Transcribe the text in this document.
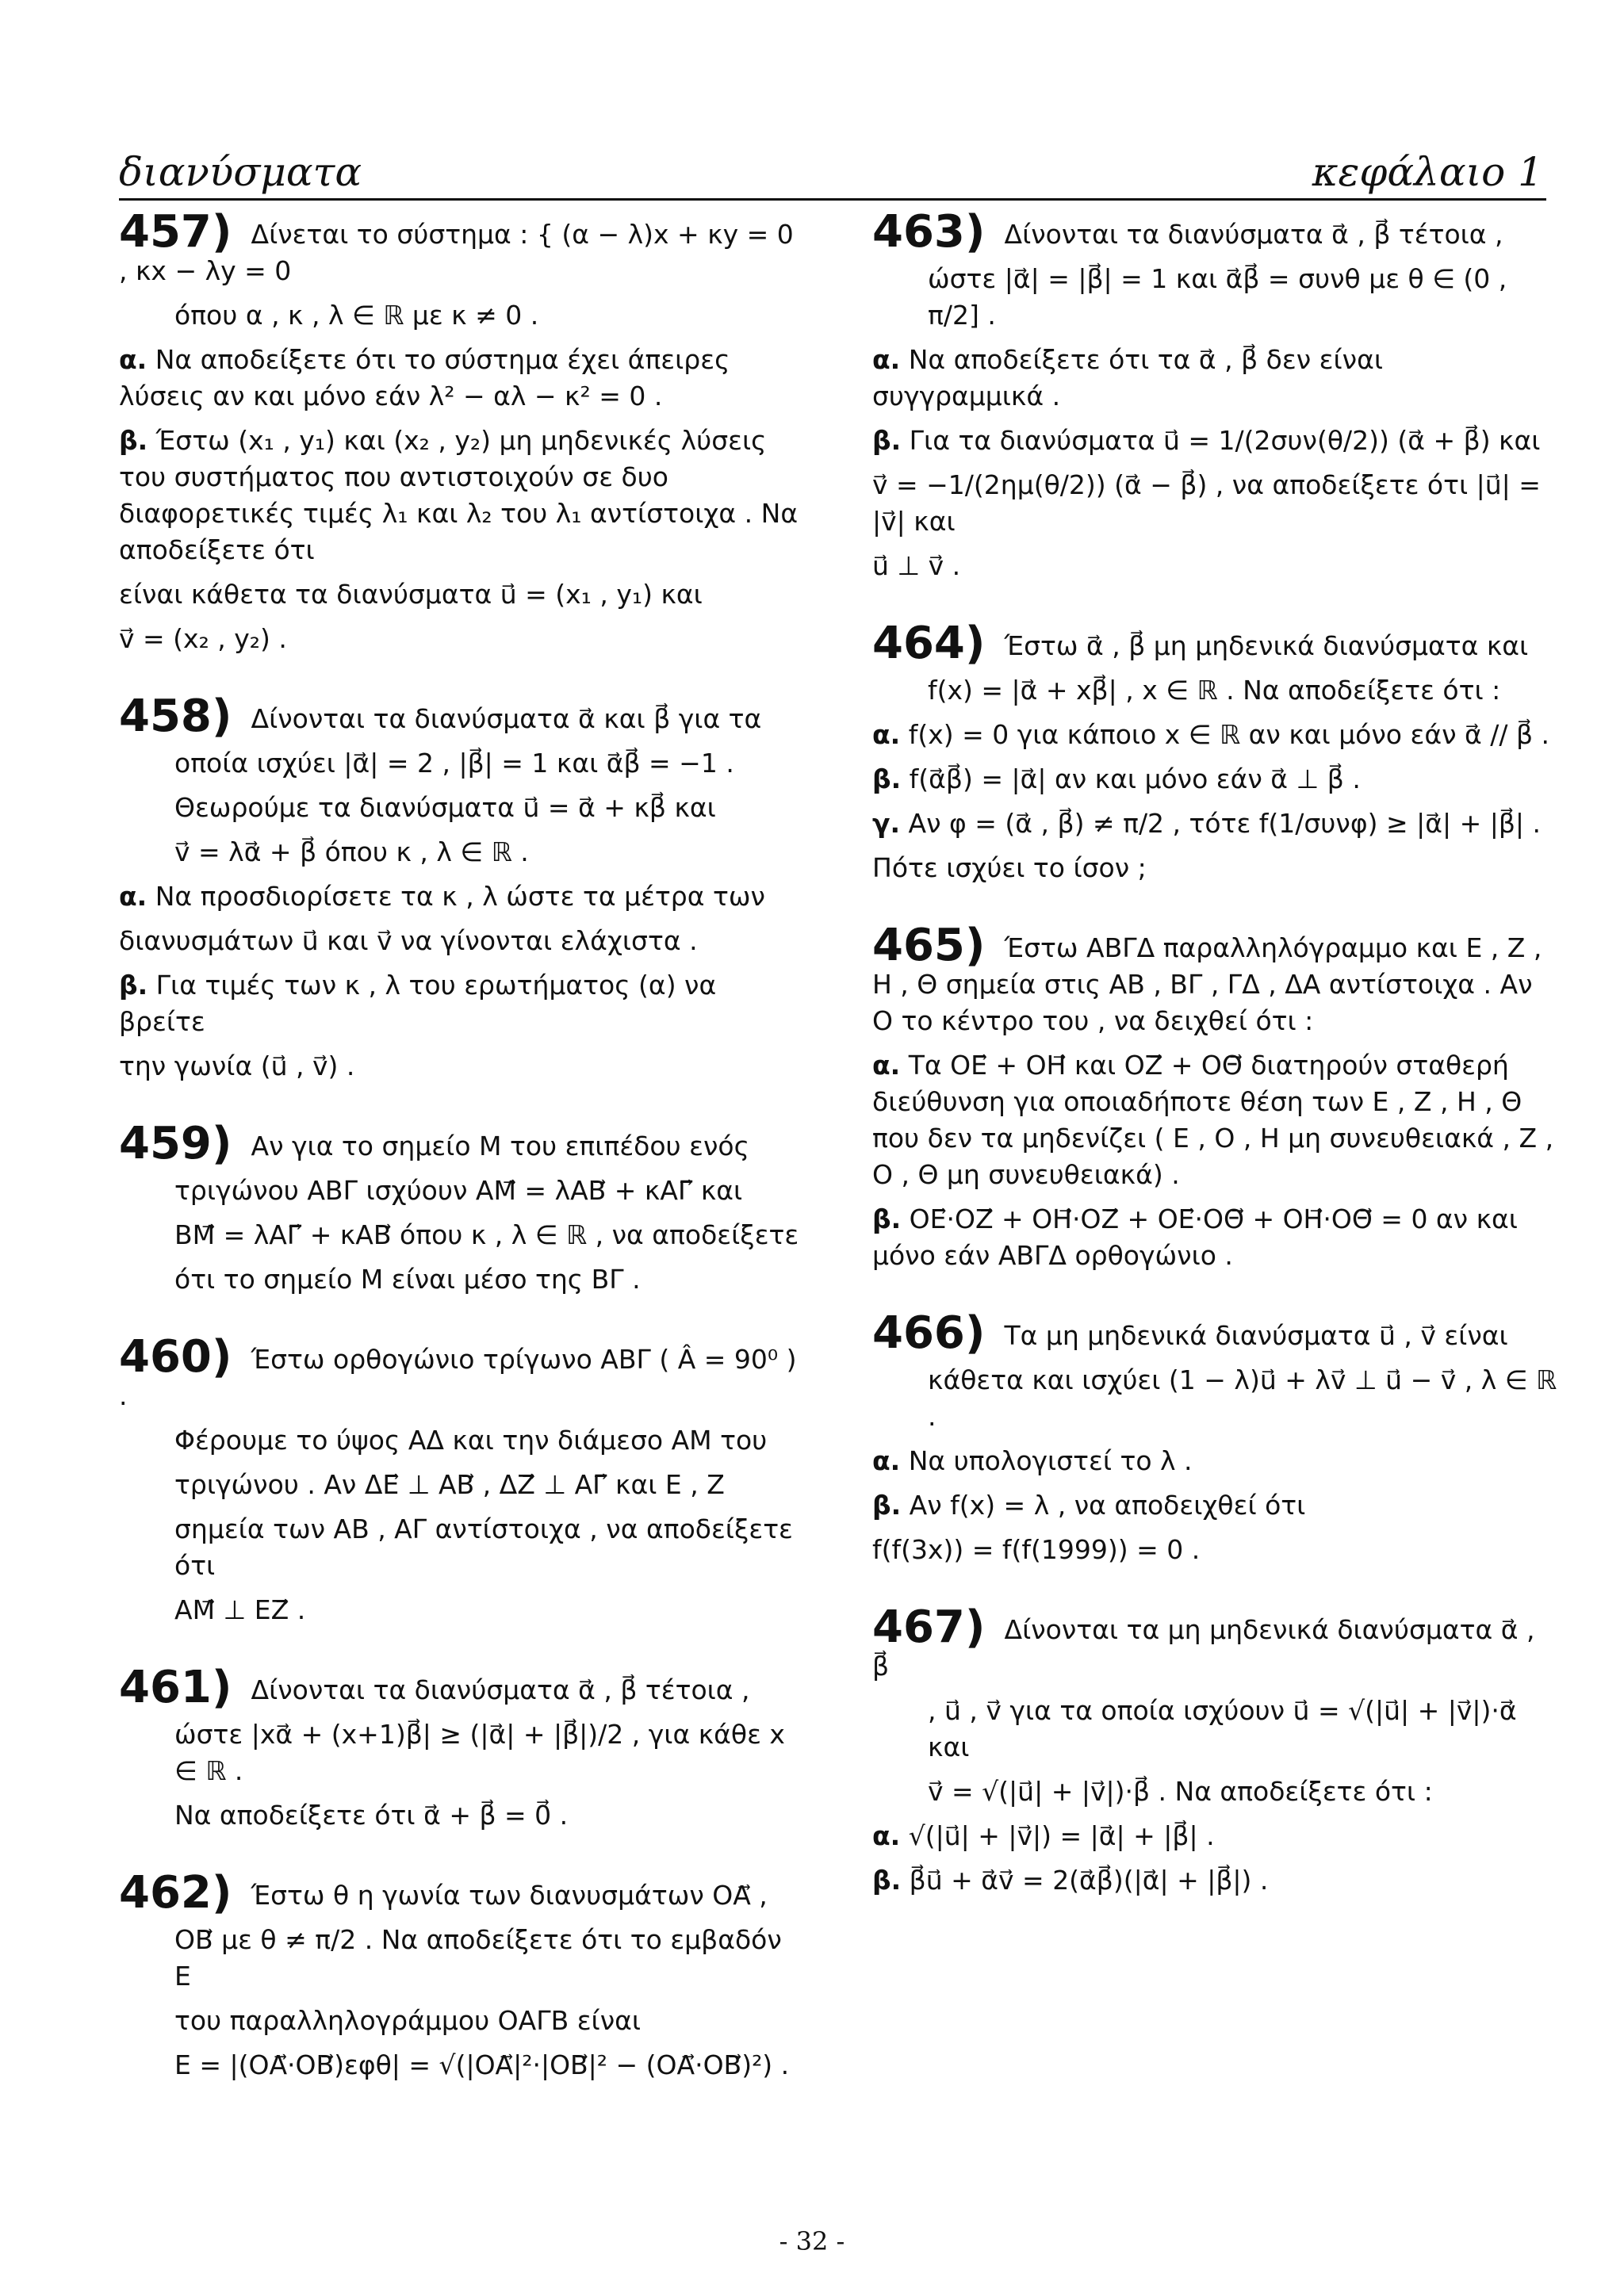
διανύσματα	κεφάλαιο 1

457) Δίνεται το σύστημα : { (α − λ)x + κy = 0 , κx − λy = 0

όπου α , κ , λ ∈ ℝ με κ ≠ 0 .

α. Να αποδείξετε ότι το σύστημα έχει άπειρες λύσεις αν και μόνο εάν λ² − αλ − κ² = 0 .

β. Έστω (x₁ , y₁) και (x₂ , y₂) μη μηδενικές λύσεις του συστήματος που αντιστοιχούν σε δυο διαφορετικές τιμές λ₁ και λ₂ του λ₁ αντίστοιχα . Να αποδείξετε ότι

είναι κάθετα τα διανύσματα u⃗ = (x₁ , y₁) και

v⃗ = (x₂ , y₂) .

458) Δίνονται τα διανύσματα α⃗ και β⃗ για τα

οποία ισχύει |α⃗| = 2 , |β⃗| = 1 και α⃗β⃗ = −1 .

Θεωρούμε τα διανύσματα u⃗ = α⃗ + κβ⃗ και

v⃗ = λα⃗ + β⃗ όπου κ , λ ∈ ℝ .

α. Να προσδιορίσετε τα κ , λ ώστε τα μέτρα των

διανυσμάτων u⃗ και v⃗ να γίνονται ελάχιστα .

β. Για τιμές των κ , λ του ερωτήματος (α) να βρείτε

την γωνία (u⃗ , v⃗) .

459) Αν για το σημείο Μ του επιπέδου ενός

τριγώνου ΑΒΓ ισχύουν ΑΜ⃗ = λΑΒ⃗ + κΑΓ⃗ και

ΒΜ⃗ = λΑΓ⃗ + κΑΒ⃗ όπου κ , λ ∈ ℝ , να αποδείξετε

ότι το σημείο Μ είναι μέσο της ΒΓ .

460) Έστω ορθογώνιο τρίγωνο ΑΒΓ ( Â = 90⁰ ) .

Φέρουμε το ύψος ΑΔ και την διάμεσο ΑΜ του

τριγώνου . Αν ΔΕ⃗ ⊥ ΑΒ⃗ , ΔΖ⃗ ⊥ ΑΓ⃗ και Ε , Ζ

σημεία των ΑΒ , ΑΓ αντίστοιχα , να αποδείξετε ότι

ΑΜ⃗ ⊥ ΕΖ⃗ .

461) Δίνονται τα διανύσματα α⃗ , β⃗ τέτοια ,

ώστε |xα⃗ + (x+1)β⃗| ≥ (|α⃗| + |β⃗|)/2 , για κάθε x ∈ ℝ .

Να αποδείξετε ότι α⃗ + β⃗ = 0⃗ .

462) Έστω θ η γωνία των διανυσμάτων ΟΑ⃗ ,

ΟΒ⃗ με θ ≠ π/2 . Να αποδείξετε ότι το εμβαδόν Ε

του παραλληλογράμμου ΟΑΓΒ είναι

Ε = |(ΟΑ⃗·ΟΒ⃗)εφθ| = √(|ΟΑ⃗|²·|ΟΒ⃗|² − (ΟΑ⃗·ΟΒ⃗)²) .

463) Δίνονται τα διανύσματα α⃗ , β⃗ τέτοια ,

ώστε |α⃗| = |β⃗| = 1 και α⃗β⃗ = συνθ με θ ∈ (0 , π/2] .

α. Να αποδείξετε ότι τα α⃗ , β⃗ δεν είναι συγγραμμικά .

β. Για τα διανύσματα u⃗ = 1/(2συν(θ/2)) (α⃗ + β⃗) και

v⃗ = −1/(2ημ(θ/2)) (α⃗ − β⃗) , να αποδείξετε ότι |u⃗| = |v⃗| και

u⃗ ⊥ v⃗ .

464) Έστω α⃗ , β⃗ μη μηδενικά διανύσματα και

f(x) = |α⃗ + xβ⃗| , x ∈ ℝ . Να αποδείξετε ότι :

α. f(x) = 0 για κάποιο x ∈ ℝ αν και μόνο εάν α⃗ // β⃗ .

β. f(α⃗β⃗) = |α⃗| αν και μόνο εάν α⃗ ⊥ β⃗ .

γ. Αν φ = (α⃗ , β⃗) ≠ π/2 , τότε f(1/συνφ) ≥ |α⃗| + |β⃗| .

Πότε ισχύει το ίσον ;

465) Έστω ΑΒΓΔ παραλληλόγραμμο και Ε , Ζ , Η , Θ σημεία στις ΑΒ , ΒΓ , ΓΔ , ΔΑ αντίστοιχα . Αν Ο το κέντρο του , να δειχθεί ότι :

α. Τα ΟΕ⃗ + ΟΗ⃗ και ΟΖ⃗ + ΟΘ⃗ διατηρούν σταθερή διεύθυνση για οποιαδήποτε θέση των Ε , Ζ , Η , Θ που δεν τα μηδενίζει ( Ε , Ο , Η μη συνευθειακά , Ζ , Ο , Θ μη συνευθειακά) .

β. ΟΕ⃗·ΟΖ⃗ + ΟΗ⃗·ΟΖ⃗ + ΟΕ⃗·ΟΘ⃗ + ΟΗ⃗·ΟΘ⃗ = 0 αν και μόνο εάν ΑΒΓΔ ορθογώνιο .

466) Τα μη μηδενικά διανύσματα u⃗ , v⃗ είναι

κάθετα και ισχύει (1 − λ)u⃗ + λv⃗ ⊥ u⃗ − v⃗ , λ ∈ ℝ .

α. Να υπολογιστεί το λ .

β. Αν f(x) = λ , να αποδειχθεί ότι

f(f(3x)) = f(f(1999)) = 0 .

467) Δίνονται τα μη μηδενικά διανύσματα α⃗ , β⃗

, u⃗ , v⃗ για τα οποία ισχύουν u⃗ = √(|u⃗| + |v⃗|)·α⃗ και

v⃗ = √(|u⃗| + |v⃗|)·β⃗ . Να αποδείξετε ότι :

α. √(|u⃗| + |v⃗|) = |α⃗| + |β⃗| .

β. β⃗u⃗ + α⃗v⃗ = 2(α⃗β⃗)(|α⃗| + |β⃗|) .

- 32 -
